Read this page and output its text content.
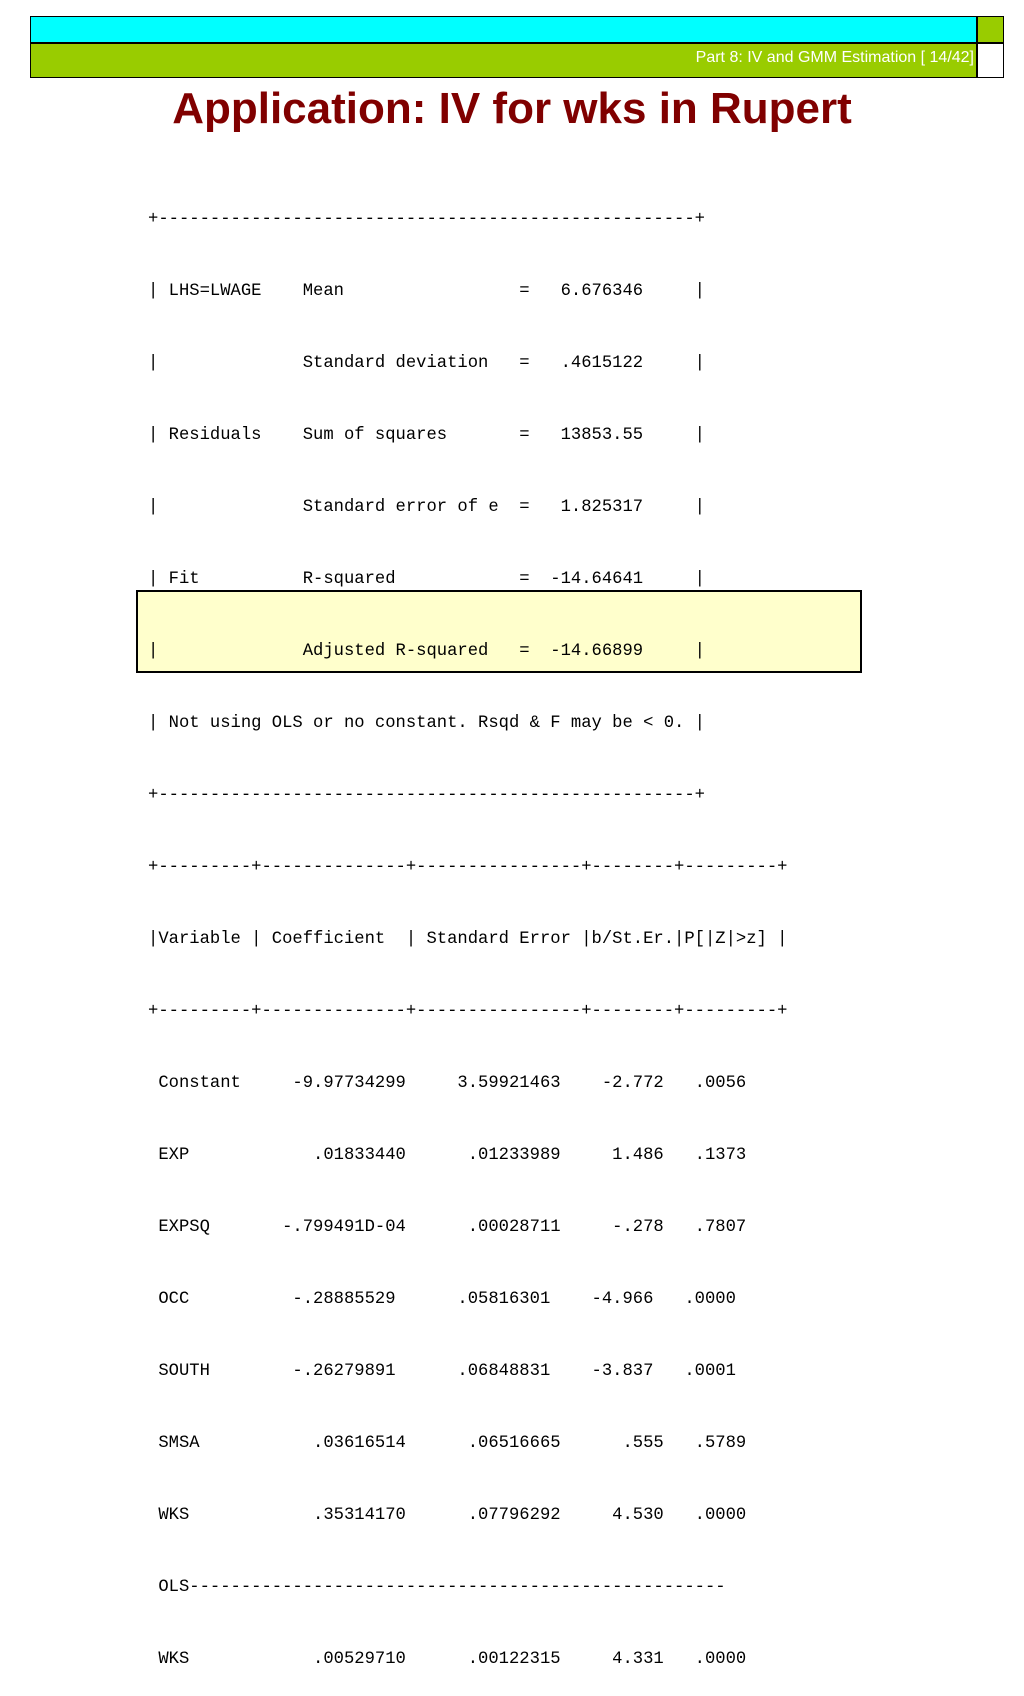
Part 8: IV and GMM Estimation [ 14/42]
Application: IV for wks in Rupert

+----------------------------------------------------+

| LHS=LWAGE    Mean                 =   6.676346     |

|              Standard deviation   =   .4615122     |

| Residuals    Sum of squares       =   13853.55     |

|              Standard error of e  =   1.825317     |

| Fit          R-squared            =  -14.64641     |

|              Adjusted R-squared   =  -14.66899     |

| Not using OLS or no constant. Rsqd & F may be < 0. |

+----------------------------------------------------+

+---------+--------------+----------------+--------+---------+

|Variable | Coefficient  | Standard Error |b/St.Er.|P[|Z|>z] |

+---------+--------------+----------------+--------+---------+

Constant     -9.97734299     3.59921463    -2.772   .0056

EXP            .01833440      .01233989     1.486   .1373

EXPSQ       -.799491D-04      .00028711     -.278   .7807

OCC          -.28885529      .05816301    -4.966   .0000

SOUTH        -.26279891      .06848831    -3.837   .0001

SMSA           .03616514      .06516665      .555   .5789

WKS            .35314170      .07796292     4.530   .0000

OLS----------------------------------------------------

WKS            .00529710      .00122315     4.331   .0000
